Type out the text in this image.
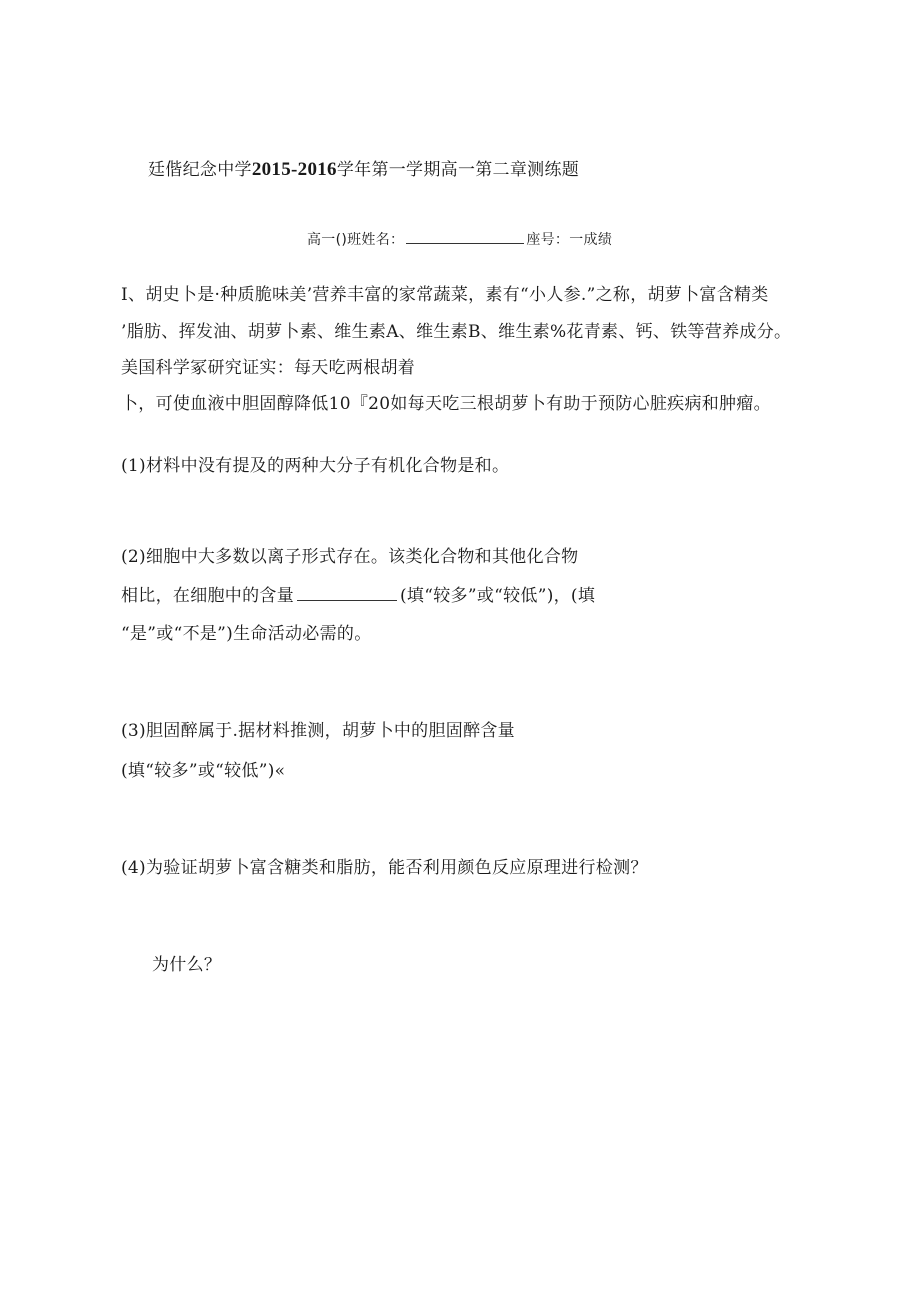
廷偕纪念中学2015-2016学年第一学期高一第二章测练题
高一()班姓名：	座号：一成绩
I、胡史卜是·种质脆味美’营养丰富的家常蔬菜，素有“小人参.”之称，胡萝卜富含精类
’脂肪、挥发油、胡萝卜素、维生素A、维生素B、维生素%花青素、钙、铁等营养成分。
美国科学冢研究证实：每天吃两根胡着
卜，可使血液中胆固醇降低10『20如每天吃三根胡萝卜有助于预防心脏疾病和肿瘤。
(1)材料中没有提及的两种大分子有机化合物是和。
(2)细胞中大多数以离子形式存在。该类化合物和其他化合物
相比，在细胞中的含量	(填“较多”或“较低”)，(填
“是”或“不是”)生命活动必需的。
(3)胆固醉属于.据材料推测，胡萝卜中的胆固醉含量
(填“较多”或“较低”)«
(4)为验证胡萝卜富含糖类和脂肪，能否利用颜色反应原理进行检测？
为什么？
